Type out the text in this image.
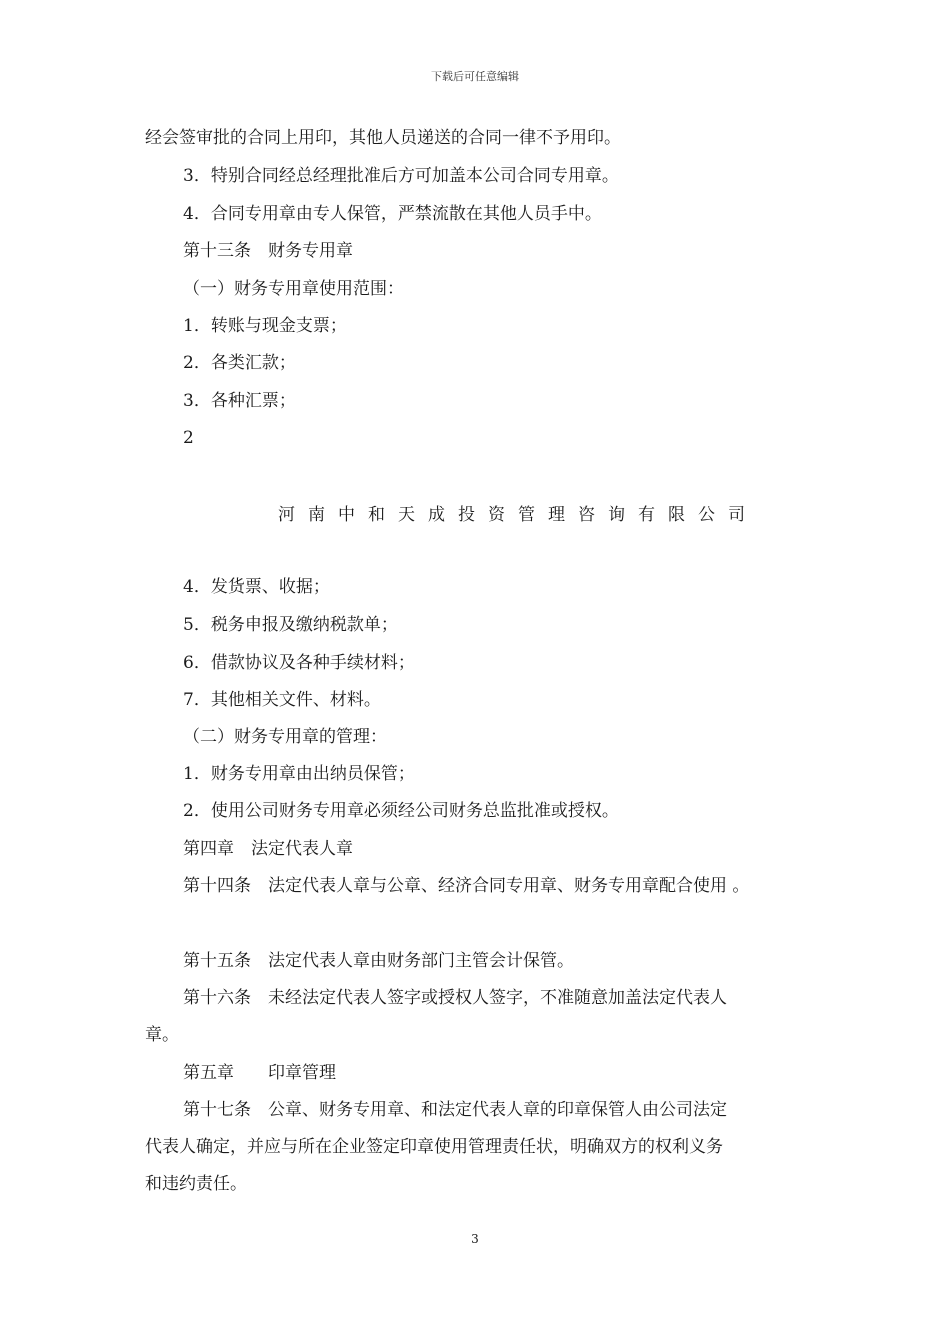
下载后可任意编辑
经会签审批的合同上用印，其他人员递送的合同一律不予用印。
3．特别合同经总经理批准后方可加盖本公司合同专用章。
4．合同专用章由专人保管，严禁流散在其他人员手中。
第十三条　财务专用章
（一）财务专用章使用范围：
1．转账与现金支票；
2．各类汇款；
3．各种汇票；
2
河南中和天成投资管理咨询有限公司
4．发货票、收据；
5．税务申报及缴纳税款单；
6．借款协议及各种手续材料；
7．其他相关文件、材料。
（二）财务专用章的管理：
1．财务专用章由出纳员保管；
2．使用公司财务专用章必须经公司财务总监批准或授权。
第四章　法定代表人章
第十四条　法定代表人章与公章、经济合同专用章、财务专用章配合使用 。
第十五条　法定代表人章由财务部门主管会计保管。
第十六条　未经法定代表人签字或授权人签字，不准随意加盖法定代表人
章。
第五章　　印章管理
第十七条　公章、财务专用章、和法定代表人章的印章保管人由公司法定
代表人确定，并应与所在企业签定印章使用管理责任状，明确双方的权利义务
和违约责任。
3
